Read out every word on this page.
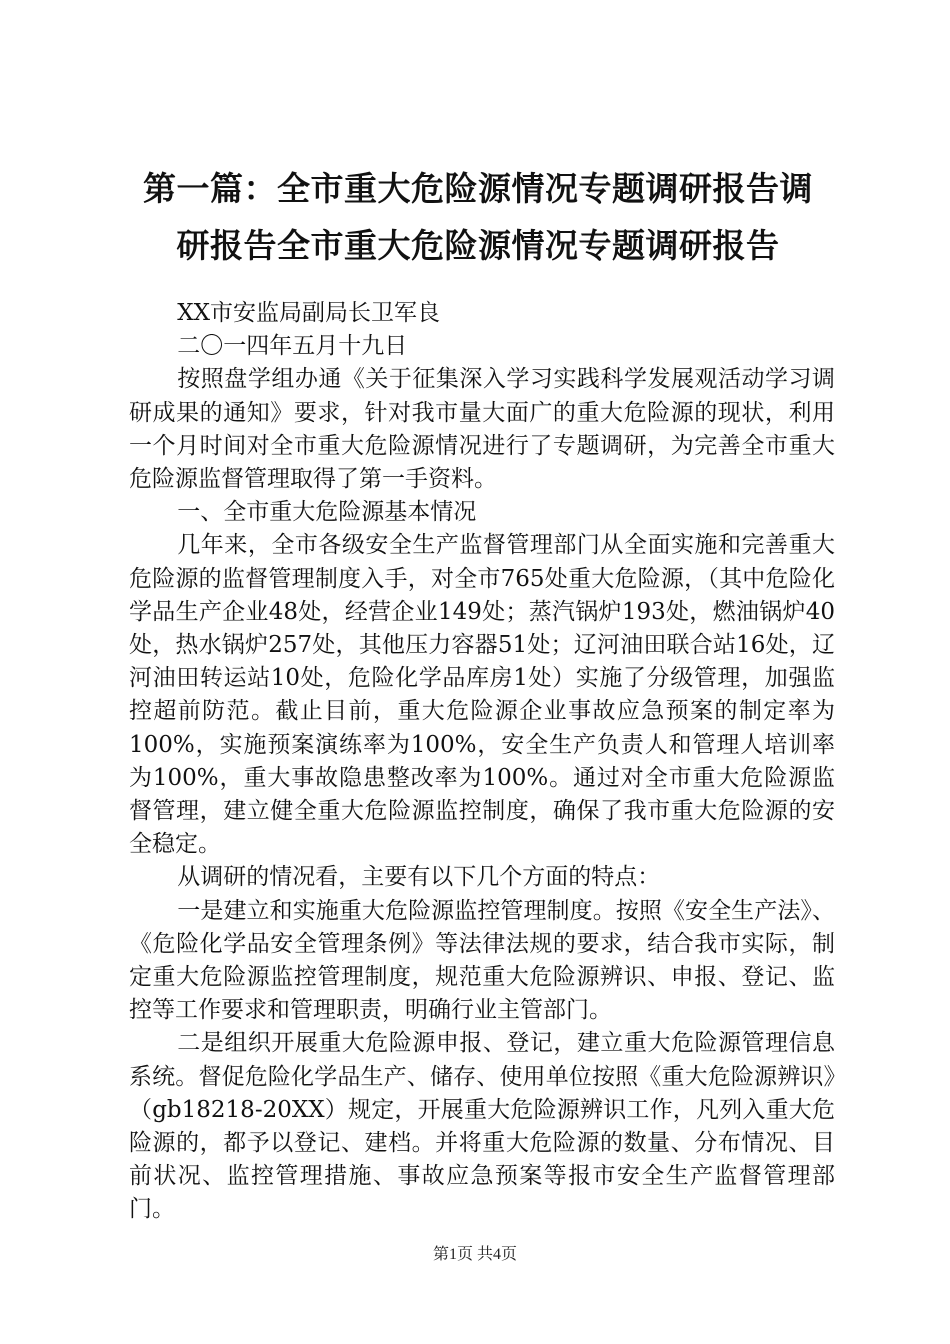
第一篇：全市重大危险源情况专题调研报告调
研报告全市重大危险源情况专题调研报告

XX市安监局副局长卫军良

二〇一四年五月十九日

按照盘学组办通《关于征集深入学习实践科学发展观活动学习调研成果的通知》要求，针对我市量大面广的重大危险源的现状，利用一个月时间对全市重大危险源情况进行了专题调研，为完善全市重大危险源监督管理取得了第一手资料。

一、全市重大危险源基本情况

几年来，全市各级安全生产监督管理部门从全面实施和完善重大危险源的监督管理制度入手，对全市765处重大危险源，（其中危险化学品生产企业48处，经营企业149处；蒸汽锅炉193处，燃油锅炉40处，热水锅炉257处，其他压力容器51处；辽河油田联合站16处，辽河油田转运站10处，危险化学品库房1处）实施了分级管理，加强监控超前防范。截止目前，重大危险源企业事故应急预案的制定率为100%，实施预案演练率为100%，安全生产负责人和管理人培训率为100%，重大事故隐患整改率为100%。通过对全市重大危险源监督管理，建立健全重大危险源监控制度，确保了我市重大危险源的安全稳定。

从调研的情况看，主要有以下几个方面的特点：

一是建立和实施重大危险源监控管理制度。按照《安全生产法》、《危险化学品安全管理条例》等法律法规的要求，结合我市实际，制定重大危险源监控管理制度，规范重大危险源辨识、申报、登记、监控等工作要求和管理职责，明确行业主管部门。

二是组织开展重大危险源申报、登记，建立重大危险源管理信息系统。督促危险化学品生产、储存、使用单位按照《重大危险源辨识》（gb18218-20XX）规定，开展重大危险源辨识工作，凡列入重大危险源的，都予以登记、建档。并将重大危险源的数量、分布情况、目前状况、监控管理措施、事故应急预案等报市安全生产监督管理部门。

第1页 共4页
